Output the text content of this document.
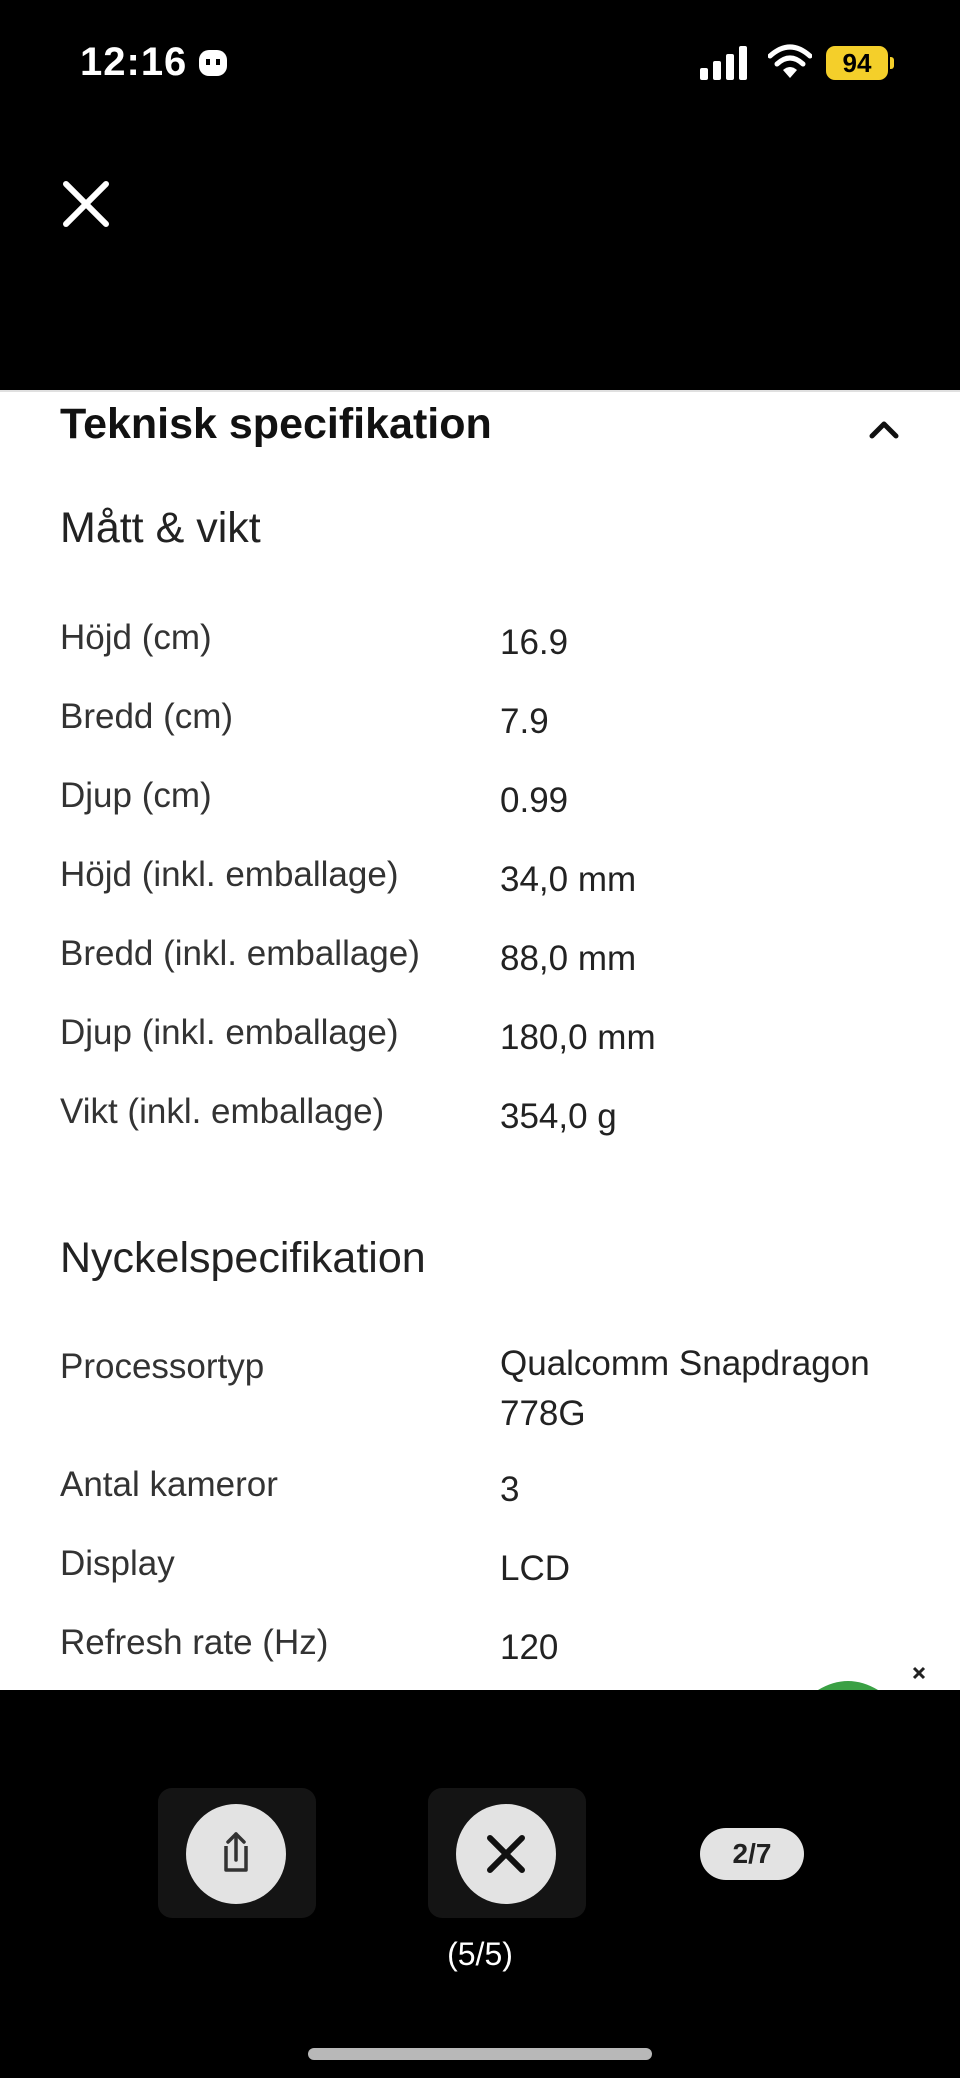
12:16	94
Teknisk specifikation
Mått & vikt
Höjd (cm)	16.9
Bredd (cm)	7.9
Djup (cm)	0.99
Höjd (inkl. emballage)	34,0 mm
Bredd (inkl. emballage)	88,0 mm
Djup (inkl. emballage)	180,0 mm
Vikt (inkl. emballage)	354,0 g
Nyckelspecifikation
Processortyp	Qualcomm Snapdragon 778G
Antal kameror	3
Display	LCD
Refresh rate (Hz)	120
2/7
(5/5)
